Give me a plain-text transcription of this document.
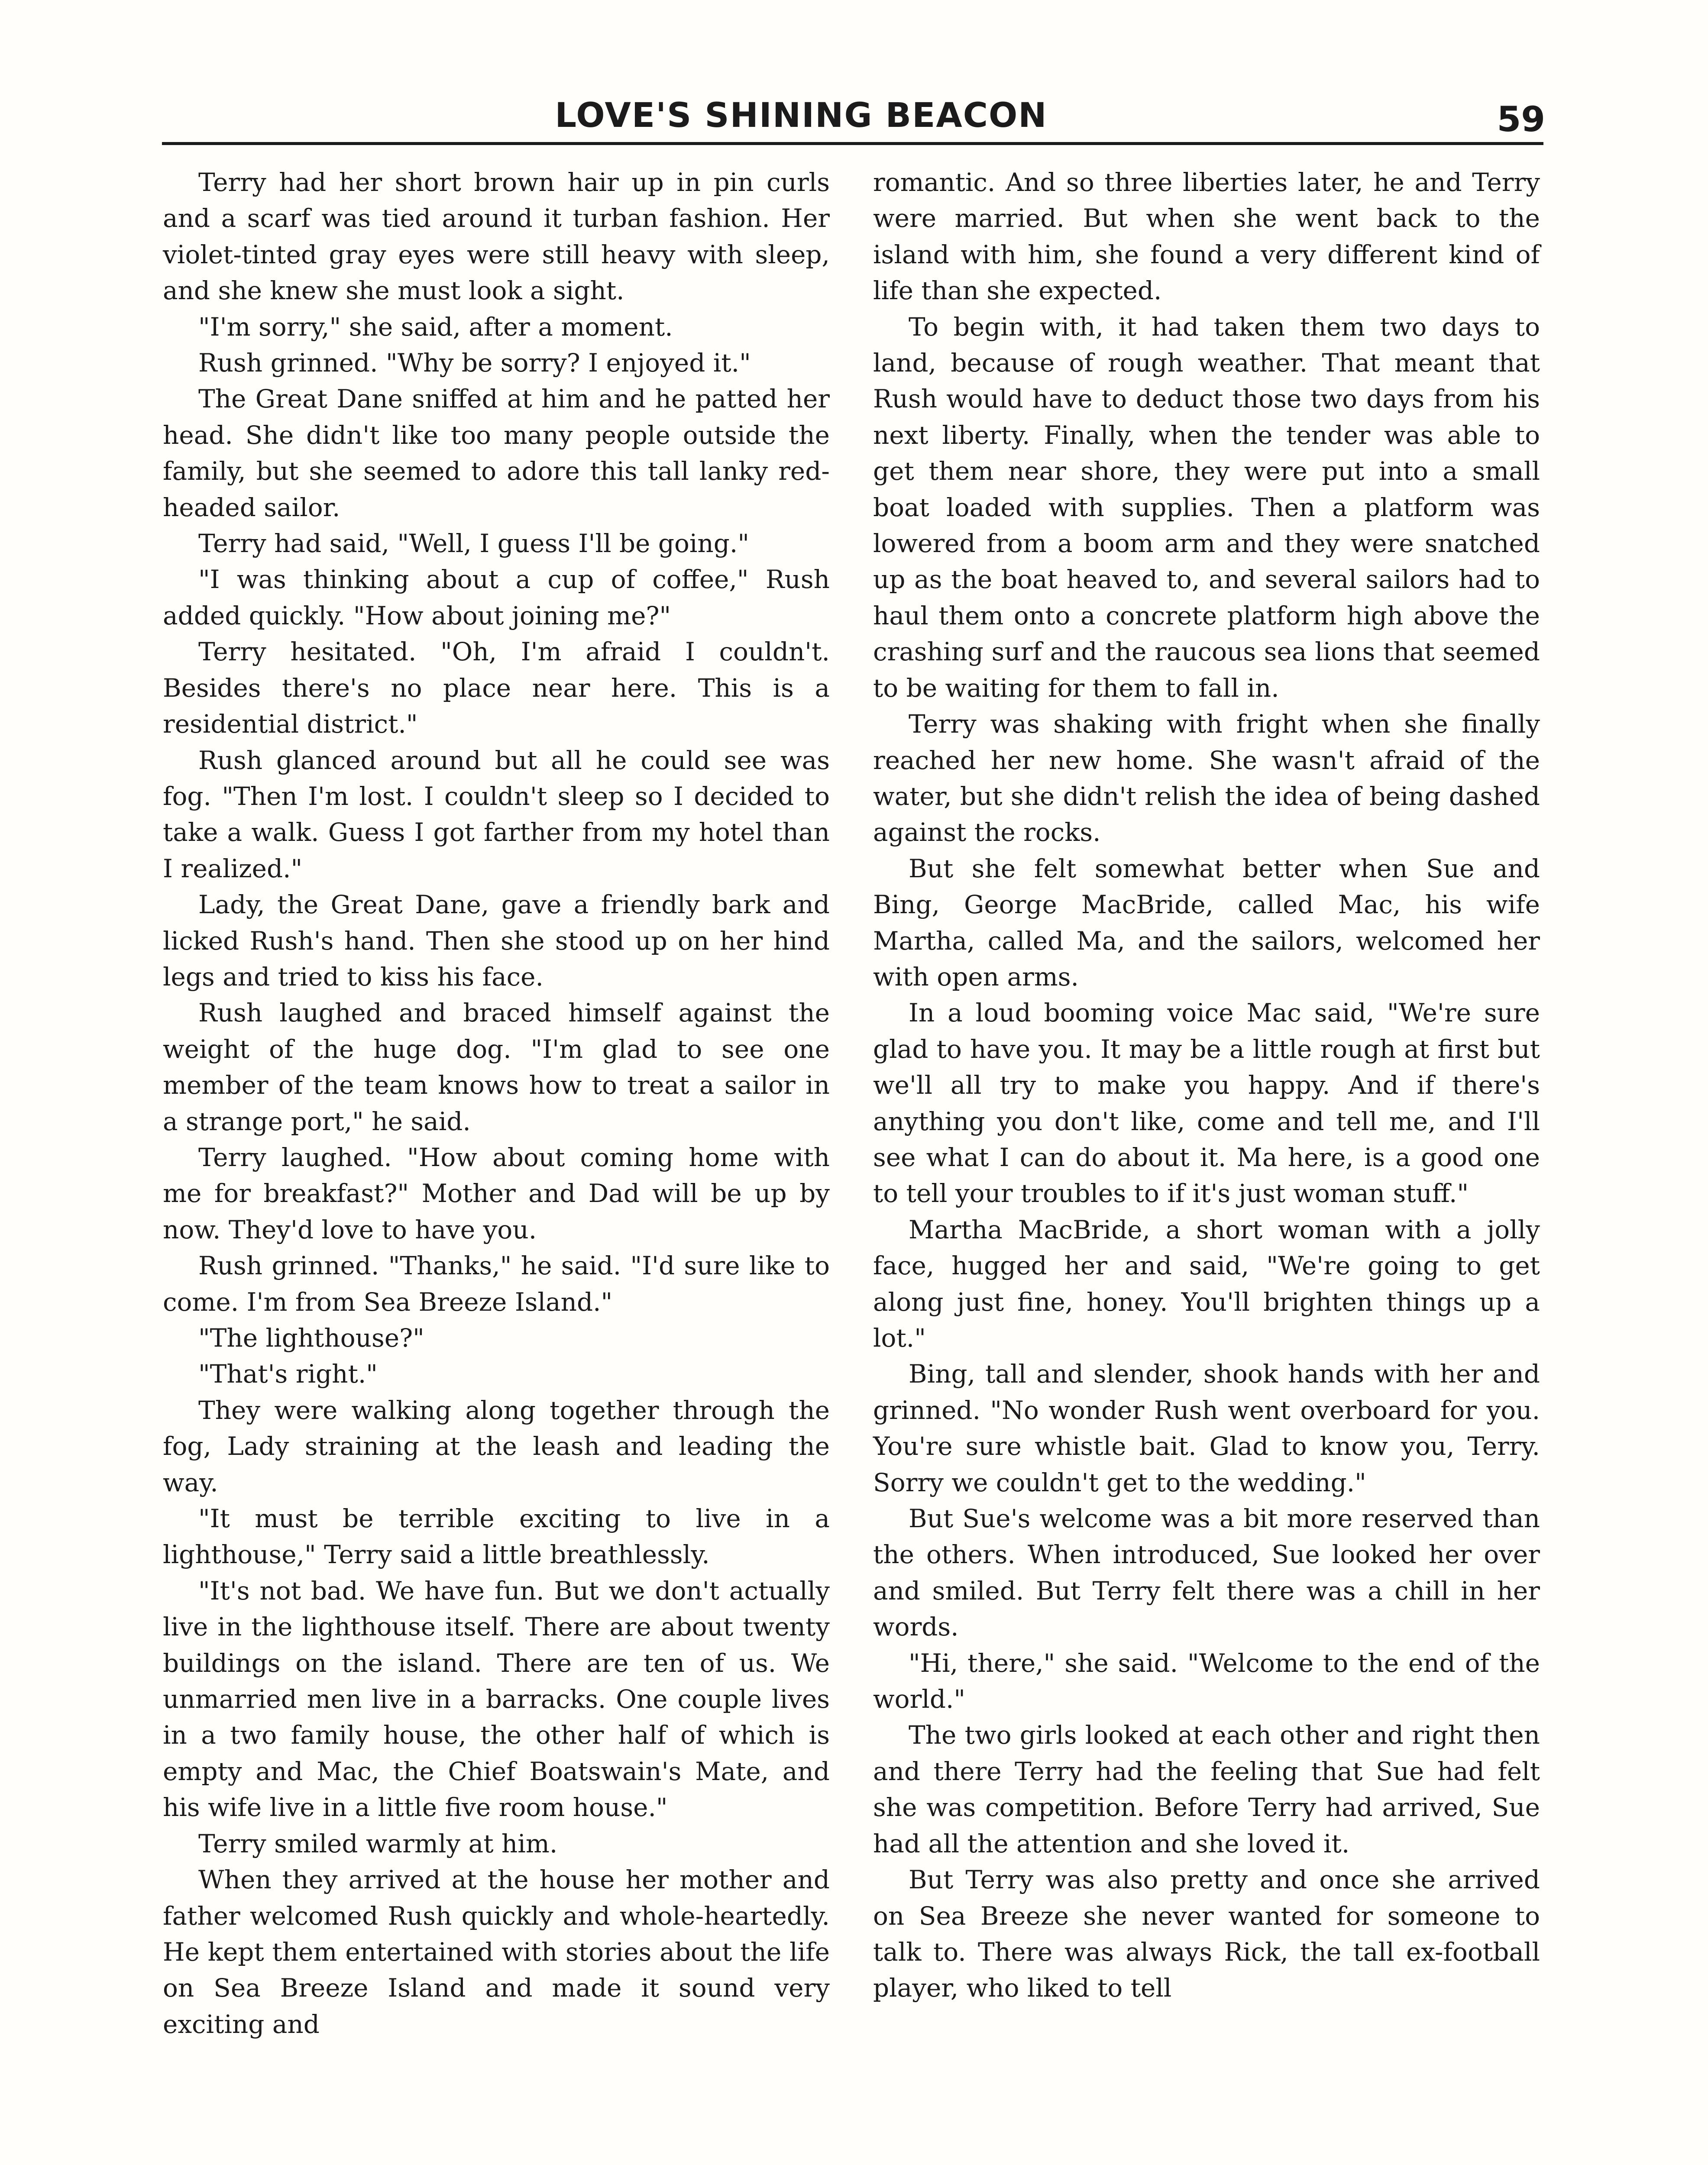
LOVE'S SHINING BEACON	59

Terry had her short brown hair up in pin curls and a scarf was tied around it turban fashion. Her violet-tinted gray eyes were still heavy with sleep, and she knew she must look a sight.

"I'm sorry," she said, after a moment.

Rush grinned. "Why be sorry? I enjoyed it."

The Great Dane sniffed at him and he patted her head. She didn't like too many people outside the family, but she seemed to adore this tall lanky red-headed sailor.

Terry had said, "Well, I guess I'll be going."

"I was thinking about a cup of coffee," Rush added quickly. "How about joining me?"

Terry hesitated. "Oh, I'm afraid I couldn't. Besides there's no place near here. This is a residential district."

Rush glanced around but all he could see was fog. "Then I'm lost. I couldn't sleep so I decided to take a walk. Guess I got farther from my hotel than I realized."

Lady, the Great Dane, gave a friendly bark and licked Rush's hand. Then she stood up on her hind legs and tried to kiss his face.

Rush laughed and braced himself against the weight of the huge dog. "I'm glad to see one member of the team knows how to treat a sailor in a strange port," he said.

Terry laughed. "How about coming home with me for breakfast?" Mother and Dad will be up by now. They'd love to have you.

Rush grinned. "Thanks," he said. "I'd sure like to come. I'm from Sea Breeze Island."

"The lighthouse?"

"That's right."

They were walking along together through the fog, Lady straining at the leash and leading the way.

"It must be terrible exciting to live in a lighthouse," Terry said a little breathlessly.

"It's not bad. We have fun. But we don't actually live in the lighthouse itself. There are about twenty buildings on the island. There are ten of us. We unmarried men live in a barracks. One couple lives in a two family house, the other half of which is empty and Mac, the Chief Boatswain's Mate, and his wife live in a little five room house."

Terry smiled warmly at him.

When they arrived at the house her mother and father welcomed Rush quickly and whole-heartedly. He kept them entertained with stories about the life on Sea Breeze Island and made it sound very exciting and

romantic. And so three liberties later, he and Terry were married. But when she went back to the island with him, she found a very different kind of life than she expected.

To begin with, it had taken them two days to land, because of rough weather. That meant that Rush would have to deduct those two days from his next liberty. Finally, when the tender was able to get them near shore, they were put into a small boat loaded with supplies. Then a platform was lowered from a boom arm and they were snatched up as the boat heaved to, and several sailors had to haul them onto a concrete platform high above the crashing surf and the raucous sea lions that seemed to be waiting for them to fall in.

Terry was shaking with fright when she finally reached her new home. She wasn't afraid of the water, but she didn't relish the idea of being dashed against the rocks.

But she felt somewhat better when Sue and Bing, George MacBride, called Mac, his wife Martha, called Ma, and the sailors, welcomed her with open arms.

In a loud booming voice Mac said, "We're sure glad to have you. It may be a little rough at first but we'll all try to make you happy. And if there's anything you don't like, come and tell me, and I'll see what I can do about it. Ma here, is a good one to tell your troubles to if it's just woman stuff."

Martha MacBride, a short woman with a jolly face, hugged her and said, "We're going to get along just fine, honey. You'll brighten things up a lot."

Bing, tall and slender, shook hands with her and grinned. "No wonder Rush went overboard for you. You're sure whistle bait. Glad to know you, Terry. Sorry we couldn't get to the wedding."

But Sue's welcome was a bit more reserved than the others. When introduced, Sue looked her over and smiled. But Terry felt there was a chill in her words.

"Hi, there," she said. "Welcome to the end of the world."

The two girls looked at each other and right then and there Terry had the feeling that Sue had felt she was competition. Before Terry had arrived, Sue had all the attention and she loved it.

But Terry was also pretty and once she arrived on Sea Breeze she never wanted for someone to talk to. There was always Rick, the tall ex-football player, who liked to tell
